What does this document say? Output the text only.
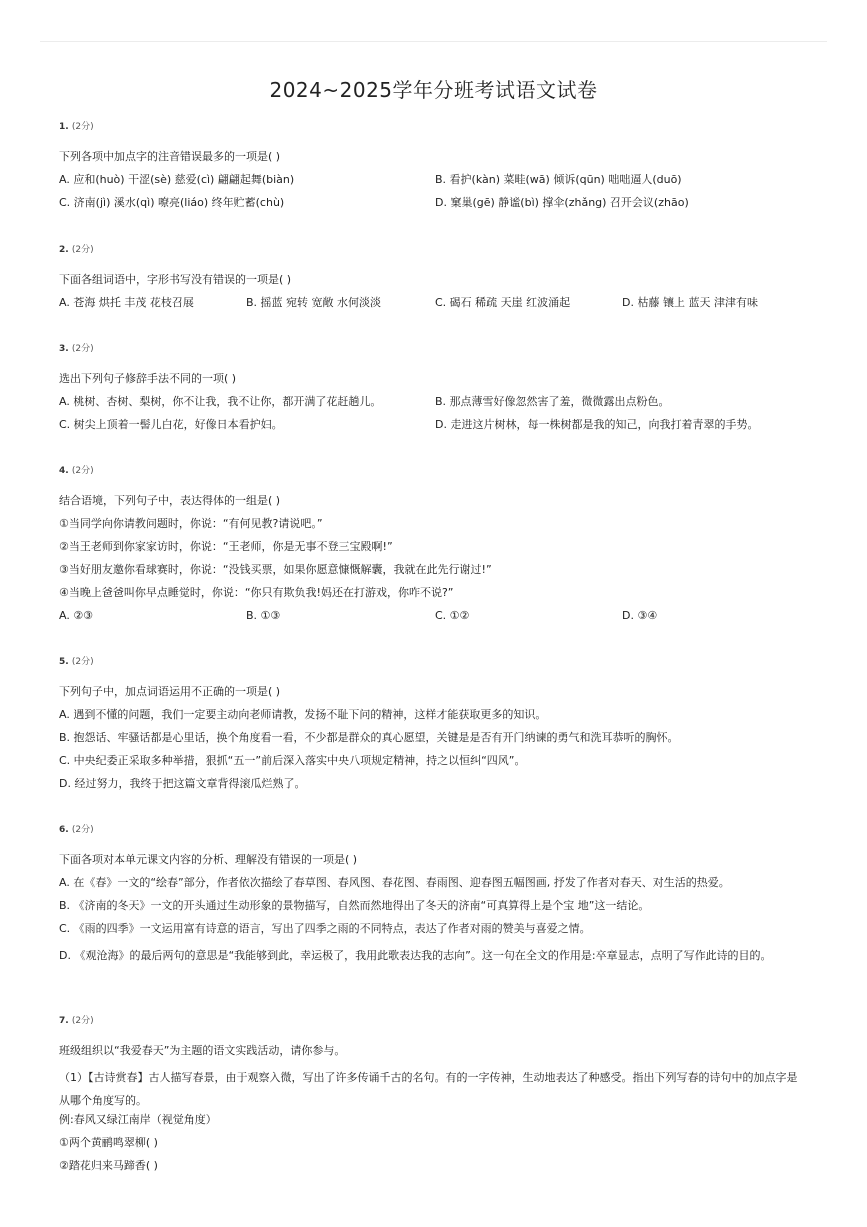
2024~2025学年分班考试语文试卷
1. (2分)
下列各项中加点字的注音错误最多的一项是( )
A. 应和(huò) 干涩(sè) 慈爱(cì) 翩翩起舞(biàn)	B. 看护(kàn) 菜畦(wā) 倾诉(qūn) 咄咄逼人(duō)
C. 济南(jì) 溪水(qì) 嘹亮(liáo) 终年贮蓄(chù)	D. 窠巢(gē) 静谧(bì) 撑伞(zhǎng) 召开会议(zhāo)
2. (2分)
下面各组词语中，字形书写没有错误的一项是( )
A. 苍海 烘托 丰茂 花枝召展	B. 摇蓝 宛转 宽敞 水何淡淡	C. 碣石 稀疏 天崖 红波涌起	D. 枯藤 镶上 蓝天 津津有味
3. (2分)
选出下列句子修辞手法不同的一项( )
A. 桃树、杏树、梨树，你不让我，我不让你，都开满了花赶趟儿。	B. 那点薄雪好像忽然害了羞，微微露出点粉色。
C. 树尖上顶着一髻儿白花，好像日本看护妇。	D. 走进这片树林，每一株树都是我的知己，向我打着青翠的手势。
4. (2分)
结合语境，下列句子中，表达得体的一组是( )
①当同学向你请教问题时，你说：“有何见教?请说吧。”
②当王老师到你家家访时，你说：“王老师，你是无事不登三宝殿啊!”
③当好朋友邀你看球赛时，你说：“没钱买票，如果你愿意慷慨解囊，我就在此先行谢过!”
④当晚上爸爸叫你早点睡觉时，你说：“你只有欺负我!妈还在打游戏，你咋不说?”
A. ②③	B. ①③	C. ①②	D. ③④
5. (2分)
下列句子中，加点词语运用不正确的一项是( )
A. 遇到不懂的问题，我们一定要主动向老师请教，发扬不耻下问的精神，这样才能获取更多的知识。
B. 抱怨话、牢骚话都是心里话，换个角度看一看，不少都是群众的真心愿望，关键是是否有开门纳谏的勇气和洗耳恭听的胸怀。
C. 中央纪委正采取多种举措，狠抓“五一”前后深入落实中央八项规定精神，持之以恒纠“四风”。
D. 经过努力，我终于把这篇文章背得滚瓜烂熟了。
6. (2分)
下面各项对本单元课文内容的分析、理解没有错误的一项是( )
A. 在《春》一文的“绘春”部分，作者依次描绘了春草图、春风图、春花图、春雨图、迎春图五幅图画, 抒发了作者对春天、对生活的热爱。
B. 《济南的冬天》一文的开头通过生动形象的景物描写，自然而然地得出了冬天的济南“可真算得上是个宝 地”这一结论。
C. 《雨的四季》一文运用富有诗意的语言，写出了四季之雨的不同特点，表达了作者对雨的赞美与喜爱之情。
D. 《观沧海》的最后两句的意思是“我能够到此，幸运极了，我用此歌表达我的志向”。这一句在全文的作用是:卒章显志，点明了写作此诗的目的。
7. (2分)
班级组织以“我爱春天”为主题的语文实践活动，请你参与。
（1）【古诗赏春】古人描写春景，由于观察入微，写出了许多传诵千古的名句。有的一字传神，生动地表达了种感受。指出下列写春的诗句中的加点字是从哪个角度写的。
例:春风又绿江南岸（视觉角度）
①两个黄鹂鸣翠柳( )
②踏花归来马蹄香( )
